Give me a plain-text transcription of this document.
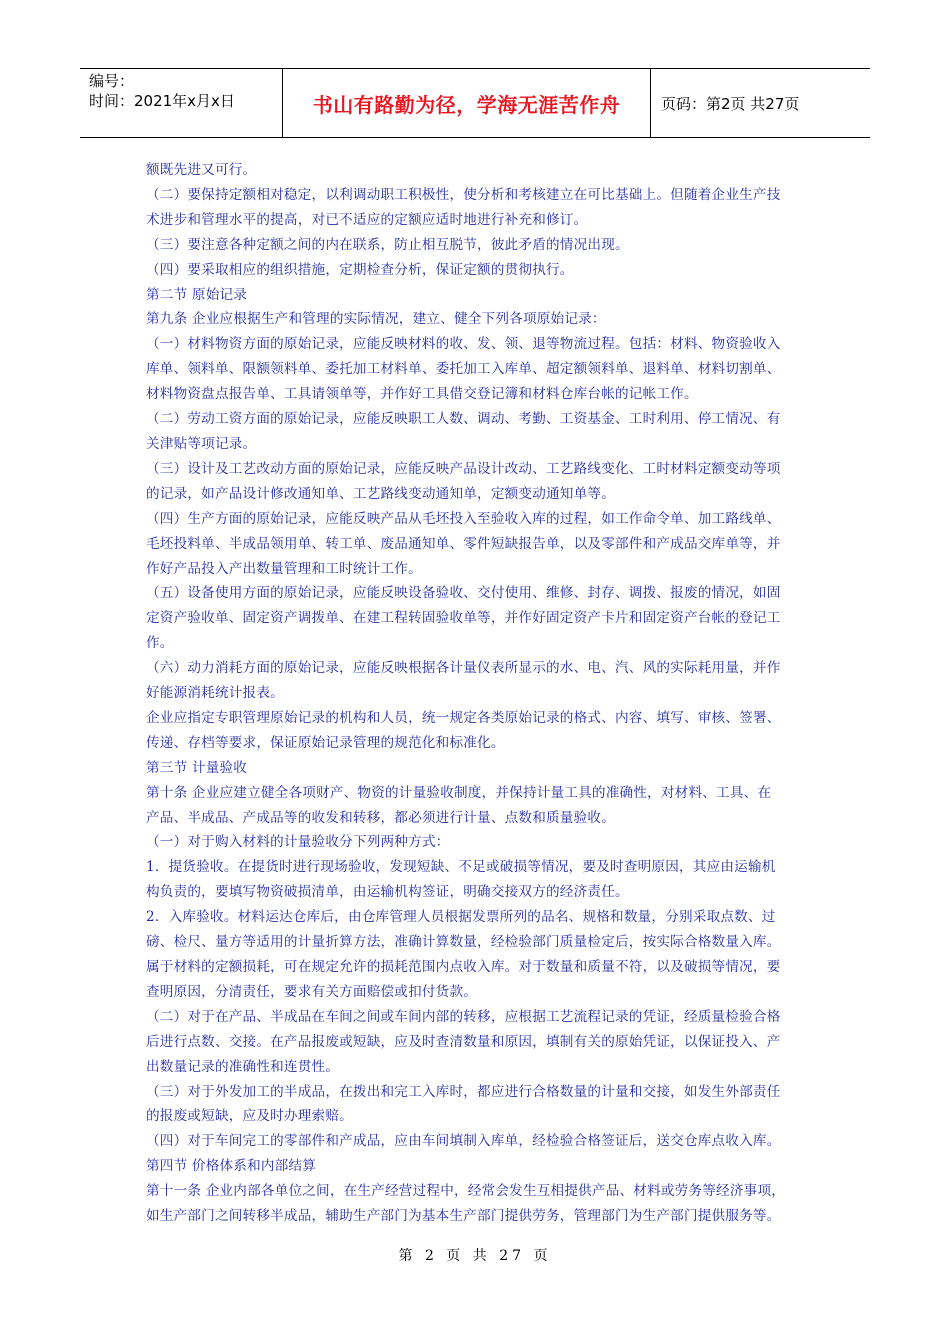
编号：
时间：2021年x月x日	书山有路勤为径，学海无涯苦作舟	页码：第2页 共27页
额既先进又可行。
（二）要保持定额相对稳定，以利调动职工积极性，使分析和考核建立在可比基础上。但随着企业生产技
术进步和管理水平的提高，对已不适应的定额应适时地进行补充和修订。
（三）要注意各种定额之间的内在联系，防止相互脱节，彼此矛盾的情况出现。
（四）要采取相应的组织措施，定期检查分析，保证定额的贯彻执行。
第二节 原始记录
第九条 企业应根据生产和管理的实际情况，建立、健全下列各项原始记录：
（一）材料物资方面的原始记录，应能反映材料的收、发、领、退等物流过程。包括：材料、物资验收入
库单、领料单、限额领料单、委托加工材料单、委托加工入库单、超定额领料单、退料单、材料切割单、
材料物资盘点报告单、工具请领单等，并作好工具借交登记簿和材料仓库台帐的记帐工作。
（二）劳动工资方面的原始记录，应能反映职工人数、调动、考勤、工资基金、工时利用、停工情况、有
关津贴等项记录。
（三）设计及工艺改动方面的原始记录，应能反映产品设计改动、工艺路线变化、工时材料定额变动等项
的记录，如产品设计修改通知单、工艺路线变动通知单，定额变动通知单等。
（四）生产方面的原始记录，应能反映产品从毛坯投入至验收入库的过程，如工作命令单、加工路线单、
毛坯投料单、半成品领用单、转工单、废品通知单、零件短缺报告单，以及零部件和产成品交库单等，并
作好产品投入产出数量管理和工时统计工作。
（五）设备使用方面的原始记录，应能反映设备验收、交付使用、维修、封存、调拨、报废的情况，如固
定资产验收单、固定资产调拨单、在建工程转固验收单等，并作好固定资产卡片和固定资产台帐的登记工
作。
（六）动力消耗方面的原始记录，应能反映根据各计量仪表所显示的水、电、汽、风的实际耗用量，并作
好能源消耗统计报表。
企业应指定专职管理原始记录的机构和人员，统一规定各类原始记录的格式、内容、填写、审核、签署、
传递、存档等要求，保证原始记录管理的规范化和标准化。
第三节 计量验收
第十条 企业应建立健全各项财产、物资的计量验收制度，并保持计量工具的准确性，对材料、工具、在
产品、半成品、产成品等的收发和转移，都必须进行计量、点数和质量验收。
（一）对于购入材料的计量验收分下列两种方式：
1．提货验收。在提货时进行现场验收，发现短缺、不足或破损等情况，要及时查明原因，其应由运输机
构负责的，要填写物资破损清单，由运输机构签证，明确交接双方的经济责任。
2．入库验收。材料运达仓库后，由仓库管理人员根据发票所列的品名、规格和数量，分别采取点数、过
磅、检尺、量方等适用的计量折算方法，准确计算数量，经检验部门质量检定后，按实际合格数量入库。
属于材料的定额损耗，可在规定允许的损耗范围内点收入库。对于数量和质量不符，以及破损等情况，要
查明原因，分清责任，要求有关方面赔偿或扣付货款。
（二）对于在产品、半成品在车间之间或车间内部的转移，应根据工艺流程记录的凭证，经质量检验合格
后进行点数、交接。在产品报废或短缺，应及时查清数量和原因，填制有关的原始凭证，以保证投入、产
出数量记录的准确性和连贯性。
（三）对于外发加工的半成品，在拨出和完工入库时，都应进行合格数量的计量和交接，如发生外部责任
的报废或短缺，应及时办理索赔。
（四）对于车间完工的零部件和产成品，应由车间填制入库单，经检验合格签证后，送交仓库点收入库。
第四节 价格体系和内部结算
第十一条 企业内部各单位之间，在生产经营过程中，经常会发生互相提供产品、材料或劳务等经济事项，
如生产部门之间转移半成品，辅助生产部门为基本生产部门提供劳务，管理部门为生产部门提供服务等。
第 2 页 共 27 页
